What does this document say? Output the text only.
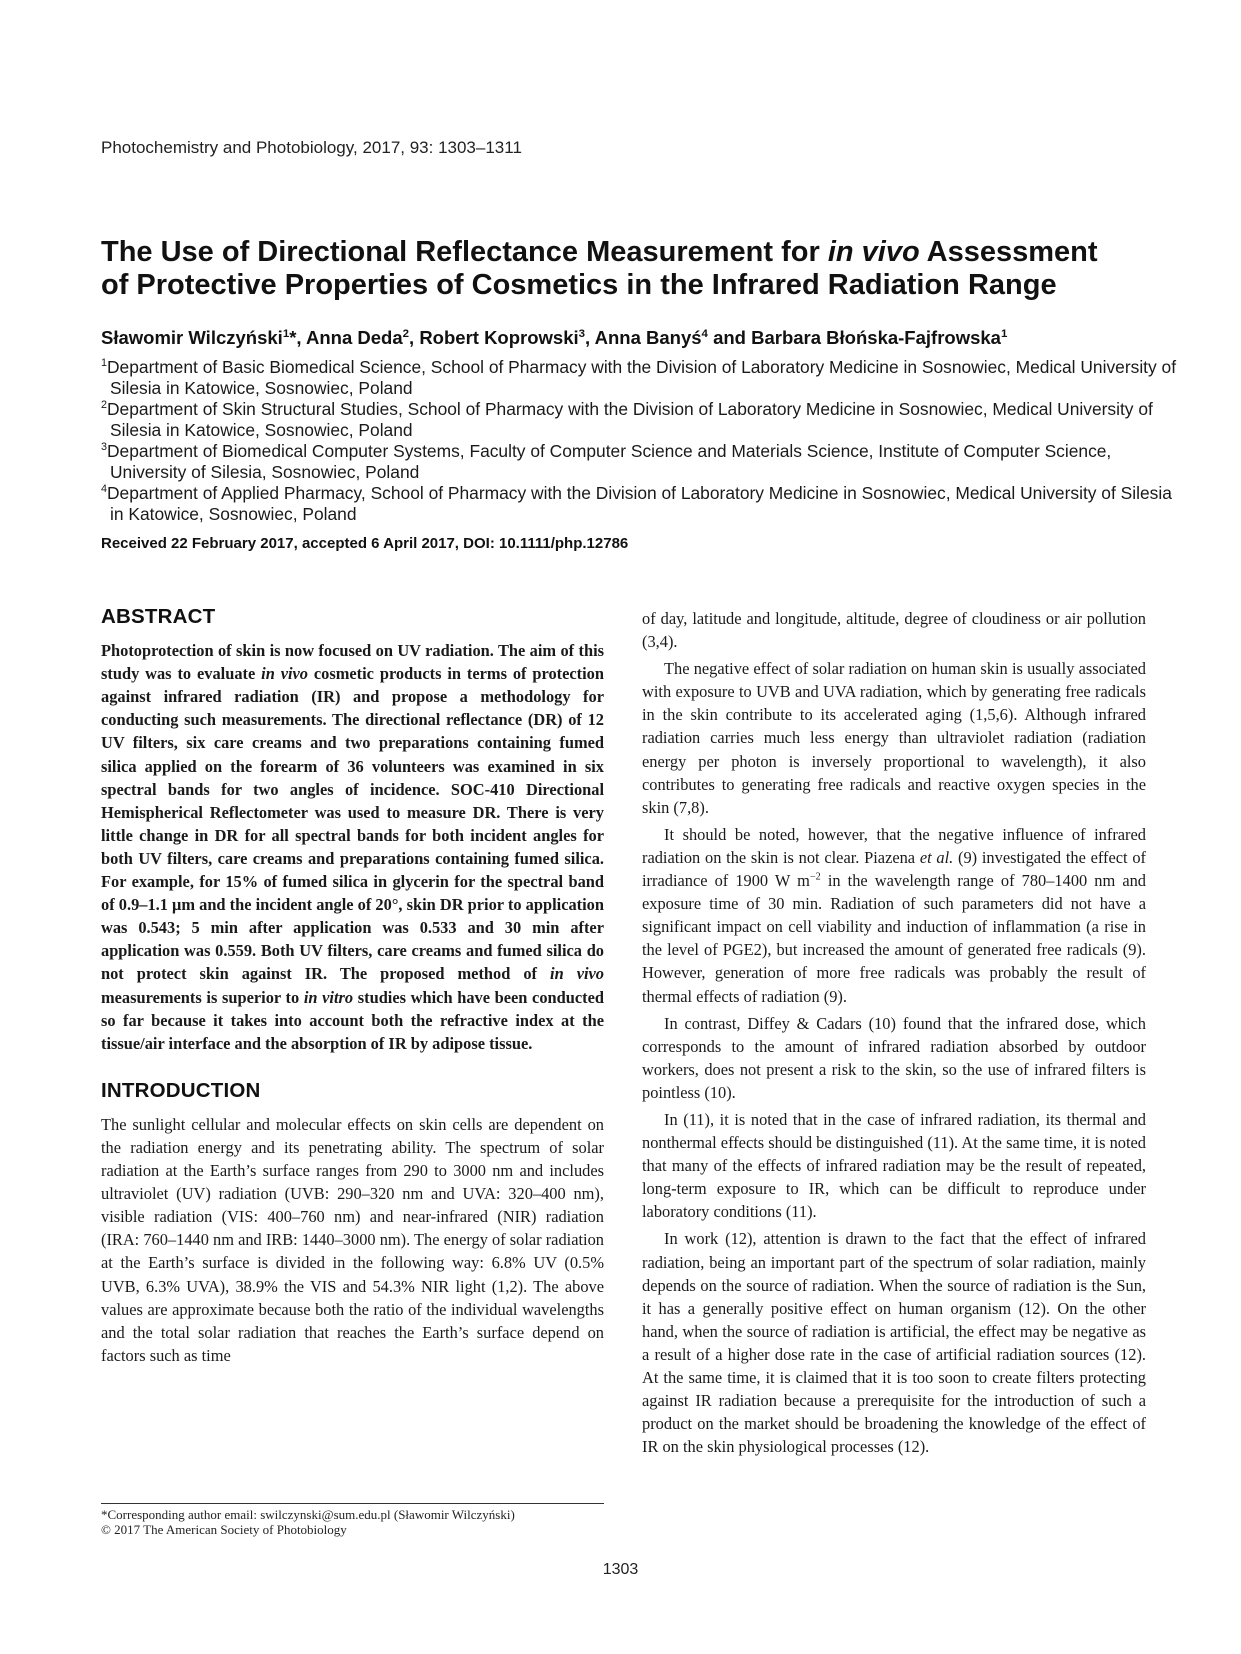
Photochemistry and Photobiology, 2017, 93: 1303–1311
The Use of Directional Reflectance Measurement for in vivo Assessment
of Protective Properties of Cosmetics in the Infrared Radiation Range
Sławomir Wilczyński$^1$*, Anna Deda$^2$, Robert Koprowski$^3$, Anna Banyś$^4$ and Barbara Błońska-Fajfrowska$^1$
$^1$Department of Basic Biomedical Science, School of Pharmacy with the Division of Laboratory Medicine in Sosnowiec, Medical University of Silesia in Katowice, Sosnowiec, Poland
$^2$Department of Skin Structural Studies, School of Pharmacy with the Division of Laboratory Medicine in Sosnowiec, Medical University of Silesia in Katowice, Sosnowiec, Poland
$^3$Department of Biomedical Computer Systems, Faculty of Computer Science and Materials Science, Institute of Computer Science, University of Silesia, Sosnowiec, Poland
$^4$Department of Applied Pharmacy, School of Pharmacy with the Division of Laboratory Medicine in Sosnowiec, Medical University of Silesia in Katowice, Sosnowiec, Poland
Received 22 February 2017, accepted 6 April 2017, DOI: 10.1111/php.12786
ABSTRACT

Photoprotection of skin is now focused on UV radiation. The aim of this study was to evaluate in vivo cosmetic products in terms of protection against infrared radiation (IR) and propose a methodology for conducting such measurements. The directional reflectance (DR) of 12 UV filters, six care creams and two preparations containing fumed silica applied on the forearm of 36 volunteers was examined in six spectral bands for two angles of incidence. SOC-410 Directional Hemispherical Reflectometer was used to measure DR. There is very little change in DR for all spectral bands for both incident angles for both UV filters, care creams and preparations containing fumed silica. For example, for 15% of fumed silica in glycerin for the spectral band of 0.9–1.1 μm and the incident angle of 20°, skin DR prior to application was 0.543; 5 min after application was 0.533 and 30 min after application was 0.559. Both UV filters, care creams and fumed silica do not protect skin against IR. The proposed method of in vivo measurements is superior to in vitro studies which have been conducted so far because it takes into account both the refractive index at the tissue/air interface and the absorption of IR by adipose tissue.

INTRODUCTION

The sunlight cellular and molecular effects on skin cells are dependent on the radiation energy and its penetrating ability. The spectrum of solar radiation at the Earth’s surface ranges from 290 to 3000 nm and includes ultraviolet (UV) radiation (UVB: 290–320 nm and UVA: 320–400 nm), visible radiation (VIS: 400–760 nm) and near-infrared (NIR) radiation (IRA: 760–1440 nm and IRB: 1440–3000 nm). The energy of solar radiation at the Earth’s surface is divided in the following way: 6.8% UV (0.5% UVB, 6.3% UVA), 38.9% the VIS and 54.3% NIR light (1,2). The above values are approximate because both the ratio of the individual wavelengths and the total solar radiation that reaches the Earth’s surface depend on factors such as time

of day, latitude and longitude, altitude, degree of cloudiness or air pollution (3,4).

The negative effect of solar radiation on human skin is usually associated with exposure to UVB and UVA radiation, which by generating free radicals in the skin contribute to its accelerated aging (1,5,6). Although infrared radiation carries much less energy than ultraviolet radiation (radiation energy per photon is inversely proportional to wavelength), it also contributes to generating free radicals and reactive oxygen species in the skin (7,8).

It should be noted, however, that the negative influence of infrared radiation on the skin is not clear. Piazena et al. (9) investigated the effect of irradiance of 1900 W $m^{-2}$ in the wavelength range of 780–1400 nm and exposure time of 30 min. Radiation of such parameters did not have a significant impact on cell viability and induction of inflammation (a rise in the level of PGE2), but increased the amount of generated free radicals (9). However, generation of more free radicals was probably the result of thermal effects of radiation (9).

In contrast, Diffey & Cadars (10) found that the infrared dose, which corresponds to the amount of infrared radiation absorbed by outdoor workers, does not present a risk to the skin, so the use of infrared filters is pointless (10).

In (11), it is noted that in the case of infrared radiation, its thermal and nonthermal effects should be distinguished (11). At the same time, it is noted that many of the effects of infrared radiation may be the result of repeated, long-term exposure to IR, which can be difficult to reproduce under laboratory conditions (11).

In work (12), attention is drawn to the fact that the effect of infrared radiation, being an important part of the spectrum of solar radiation, mainly depends on the source of radiation. When the source of radiation is the Sun, it has a generally positive effect on human organism (12). On the other hand, when the source of radiation is artificial, the effect may be negative as a result of a higher dose rate in the case of artificial radiation sources (12). At the same time, it is claimed that it is too soon to create filters protecting against IR radiation because a prerequisite for the introduction of such a product on the market should be broadening the knowledge of the effect of IR on the skin physiological processes (12).

*Corresponding author email: swilczynski@sum.edu.pl (Sławomir Wilczyński)
© 2017 The American Society of Photobiology
1303
